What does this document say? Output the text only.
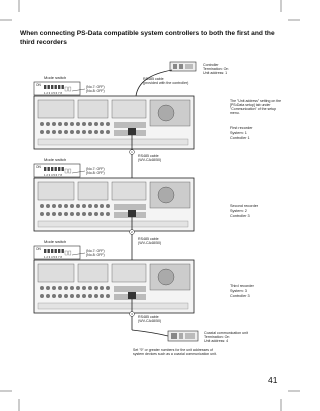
When connecting PS-Data compatible system controllers to both the first and the third recorders
Controller
Termination: On
Unit address: 1
RS485 cable
(provided with the controller)
The "Unit address" setting on the
[PS•Data setup] tab under
"Communication" of the setup
menu.
Mode switch
ON
1 2 3 4 5 6 7 8
(No.7: OFF)
(No.8: OFF)
First recorder
System: 1
Controller 1
1
RS485 cable
(WV-CA48/50)
Mode switch
ON
1 2 3 4 5 6 7 8
(No.7: OFF)
(No.8: OFF)
Second recorder
System: 2
Controller 3
2
RS485 cable
(WV-CA48/50)
Mode switch
ON
1 2 3 4 5 6 7 8
(No.7: OFF)
(No.8: OFF)
Third recorder
System: 3
Controller 3
3
RS485 cable
(WV-CA48/50)
Coaxial communication unit
Termination: On
Unit address: 4
Set "9" or greater numbers for the unit addresses of
system devices such as a coaxial communication unit.
41
